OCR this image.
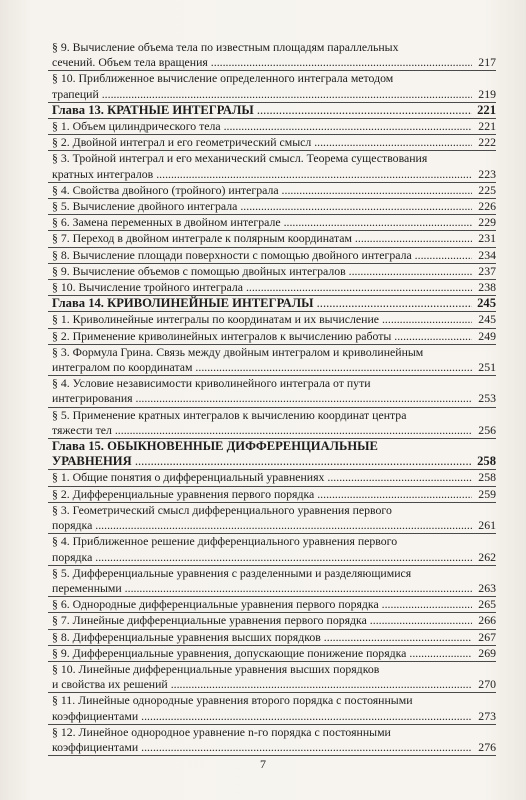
§ 9. Вычисление объема тела по известным площадям параллельных
сечений. Объем тела вращения .....	217
§ 10. Приближенное вычисление определенного интеграла методом
трапеций .....	219
Глава 13. КРАТНЫЕ ИНТЕГРАЛЫ .....	221
§ 1. Объем цилиндрического тела .....	221
§ 2. Двойной интеграл и его геометрический смысл .....	222
§ 3. Тройной интеграл и его механический смысл. Теорема существования
кратных интегралов .....	223
§ 4. Свойства двойного (тройного) интеграла .....	225
§ 5. Вычисление двойного интеграла .....	226
§ 6. Замена переменных в двойном интеграле .....	229
§ 7. Переход в двойном интеграле к полярным координатам .....	231
§ 8. Вычисление площади поверхности с помощью двойного интеграла .....	234
§ 9. Вычисление объемов с помощью двойных интегралов .....	237
§ 10. Вычисление тройного интеграла .....	238
Глава 14. КРИВОЛИНЕЙНЫЕ ИНТЕГРАЛЫ .....	245
§ 1. Криволинейные интегралы по координатам и их вычисление .....	245
§ 2. Применение криволинейных интегралов к вычислению работы .....	249
§ 3. Формула Грина. Связь между двойным интегралом и криволинейным
интегралом по координатам .....	251
§ 4. Условие независимости криволинейного интеграла от пути
интегрирования .....	253
§ 5. Применение кратных интегралов к вычислению координат центра
тяжести тел .....	256
Глава 15. ОБЫКНОВЕННЫЕ ДИФФЕРЕНЦИАЛЬНЫЕ
УРАВНЕНИЯ .....	258
§ 1. Общие понятия о дифференциальный уравнениях .....	258
§ 2. Дифференциальные уравнения первого порядка .....	259
§ 3. Геометрический смысл дифференциального уравнения первого
порядка .....	261
§ 4. Приближенное решение дифференциального уравнения первого
порядка .....	262
§ 5. Дифференциальные уравнения с разделенными и разделяющимися
переменными .....	263
§ 6. Однородные дифференциальные уравнения первого порядка .....	265
§ 7. Линейные дифференциальные уравнения первого порядка .....	266
§ 8. Дифференциальные уравнения высших порядков .....	267
§ 9. Дифференциальные уравнения, допускающие понижение порядка .....	269
§ 10. Линейные дифференциальные уравнения высших порядков
и свойства их решений .....	270
§ 11. Линейные однородные уравнения второго порядка с постоянными
коэффициентами .....	273
§ 12. Линейное однородное уравнение n-го порядка с постоянными
коэффициентами .....	276
7
